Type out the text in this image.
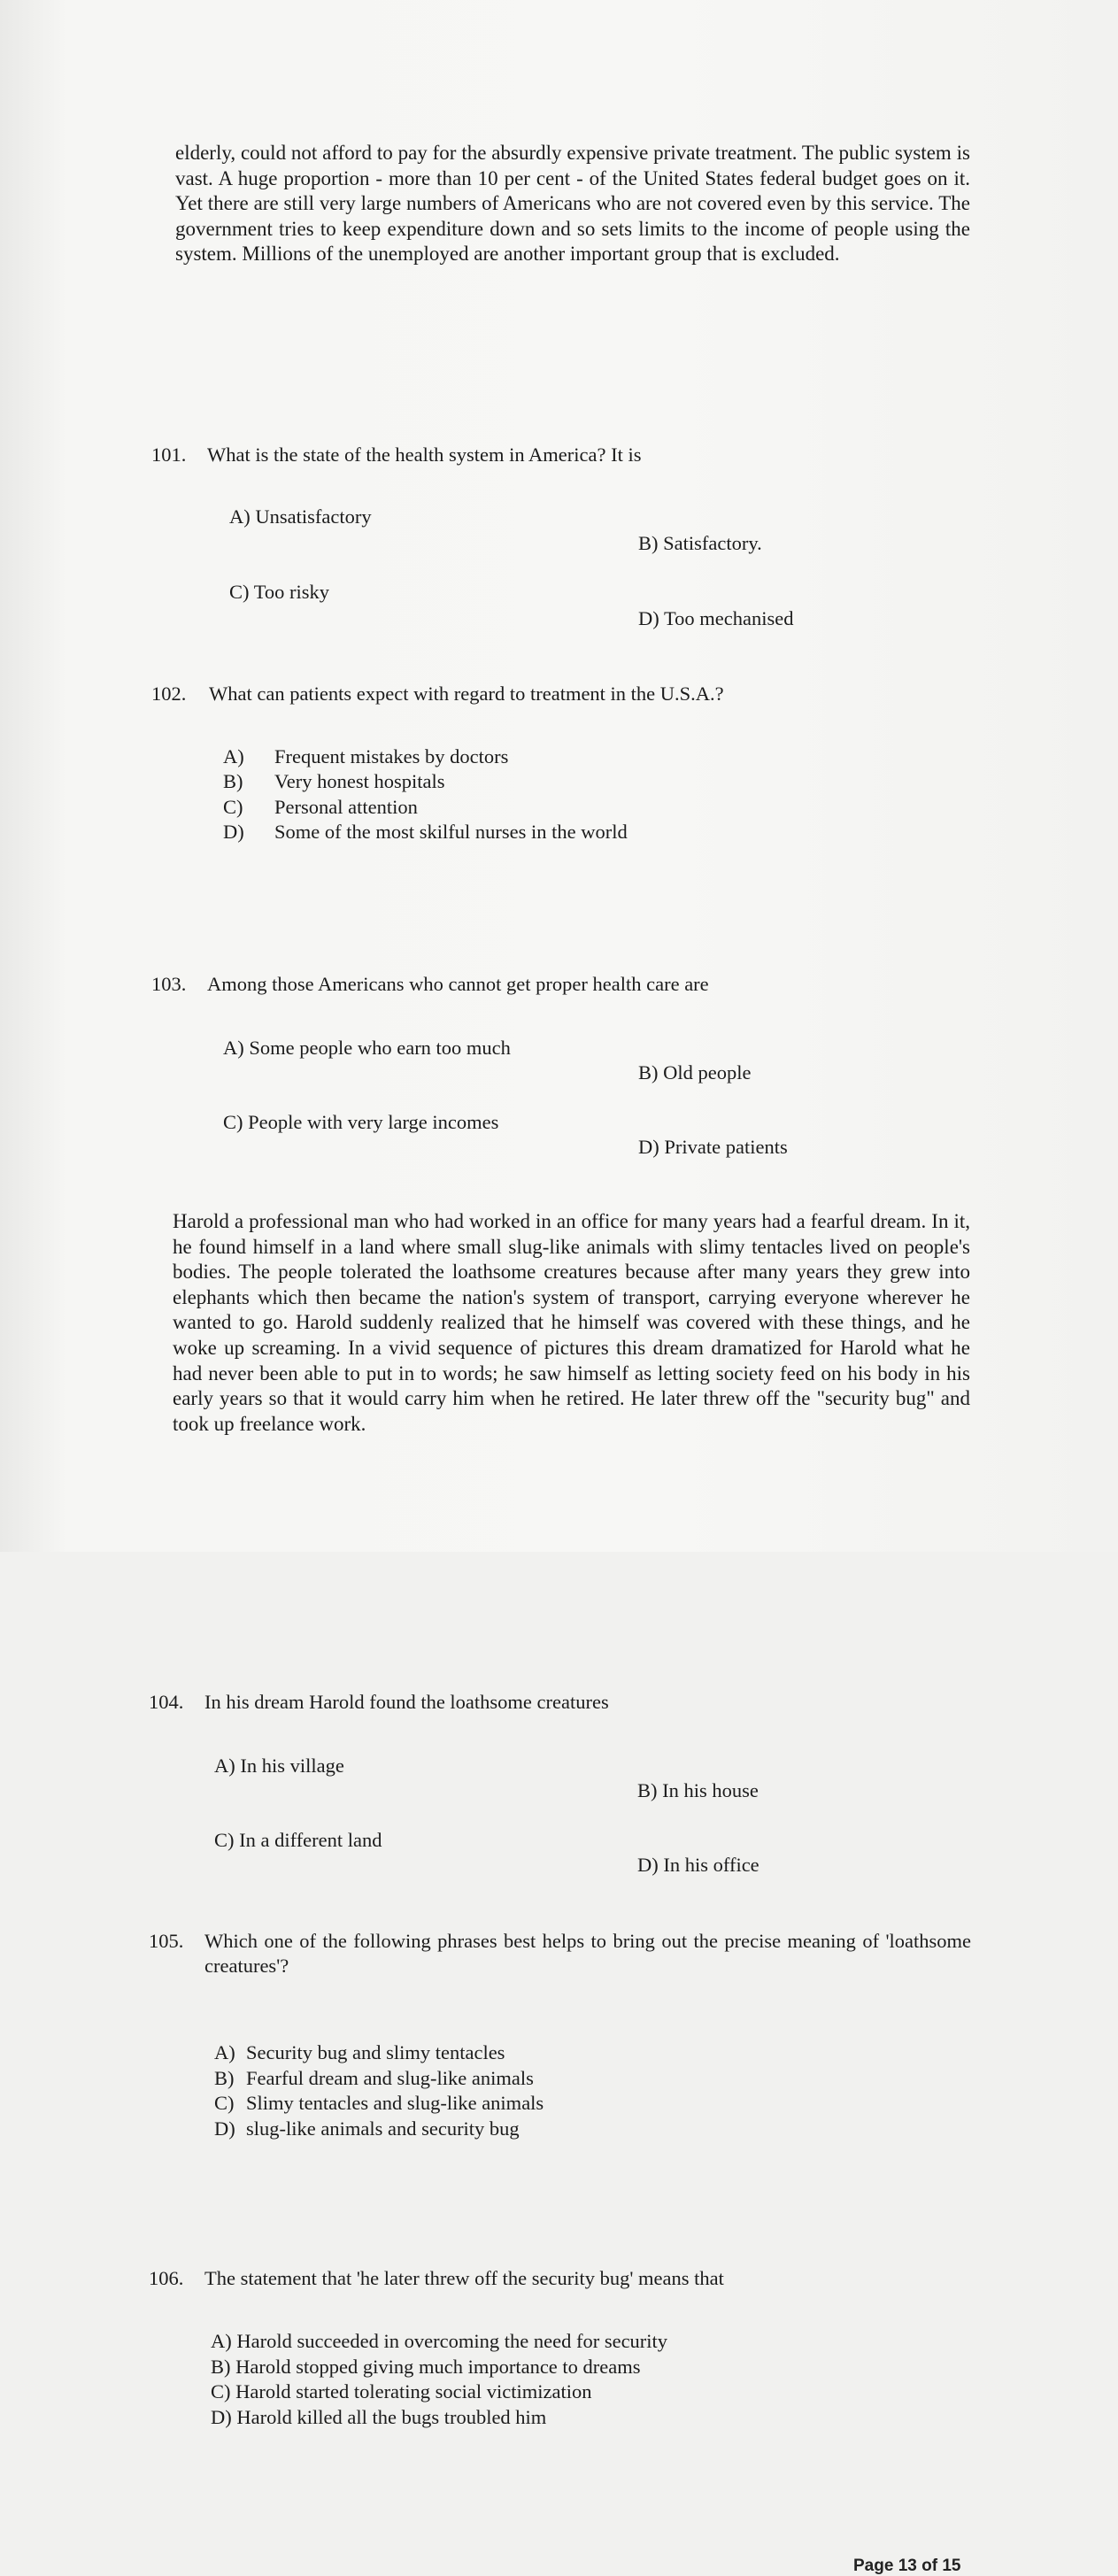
elderly, could not afford to pay for the absurdly expensive private treatment. The public system is vast. A huge proportion - more than 10 per cent - of the United States federal budget goes on it. Yet there are still very large numbers of Americans who are not covered even by this service. The government tries to keep expenditure down and so sets limits to the income of people using the system. Millions of the unemployed are another important group that is excluded.

101. What is the state of the health system in America? It is
A) Unsatisfactory
B) Satisfactory.
C) Too risky
D) Too mechanised
102. What can patients expect with regard to treatment in the U.S.A.?
A) Frequent mistakes by doctors
B) Very honest hospitals
C) Personal attention
D) Some of the most skilful nurses in the world
103. Among those Americans who cannot get proper health care are
A) Some people who earn too much
B) Old people
C) People with very large incomes
D) Private patients

Harold a professional man who had worked in an office for many years had a fearful dream. In it, he found himself in a land where small slug-like animals with slimy tentacles lived on people's bodies. The people tolerated the loathsome creatures because after many years they grew into elephants which then became the nation's system of transport, carrying everyone wherever he wanted to go. Harold suddenly realized that he himself was covered with these things, and he woke up screaming. In a vivid sequence of pictures this dream dramatized for Harold what he had never been able to put in to words; he saw himself as letting society feed on his body in his early years so that it would carry him when he retired. He later threw off the "security bug" and took up freelance work.

104. In his dream Harold found the loathsome creatures
A) In his village
B) In his house
C) In a different land
D) In his office
105. Which one of the following phrases best helps to bring out the precise meaning of 'loathsome creatures'?
A) Security bug and slimy tentacles
B) Fearful dream and slug-like animals
C) Slimy tentacles and slug-like animals
D) slug-like animals and security bug
106. The statement that 'he later threw off the security bug' means that
A) Harold succeeded in overcoming the need for security
B) Harold stopped giving much importance to dreams
C) Harold started tolerating social victimization
D) Harold killed all the bugs troubled him
Page 13 of 15
